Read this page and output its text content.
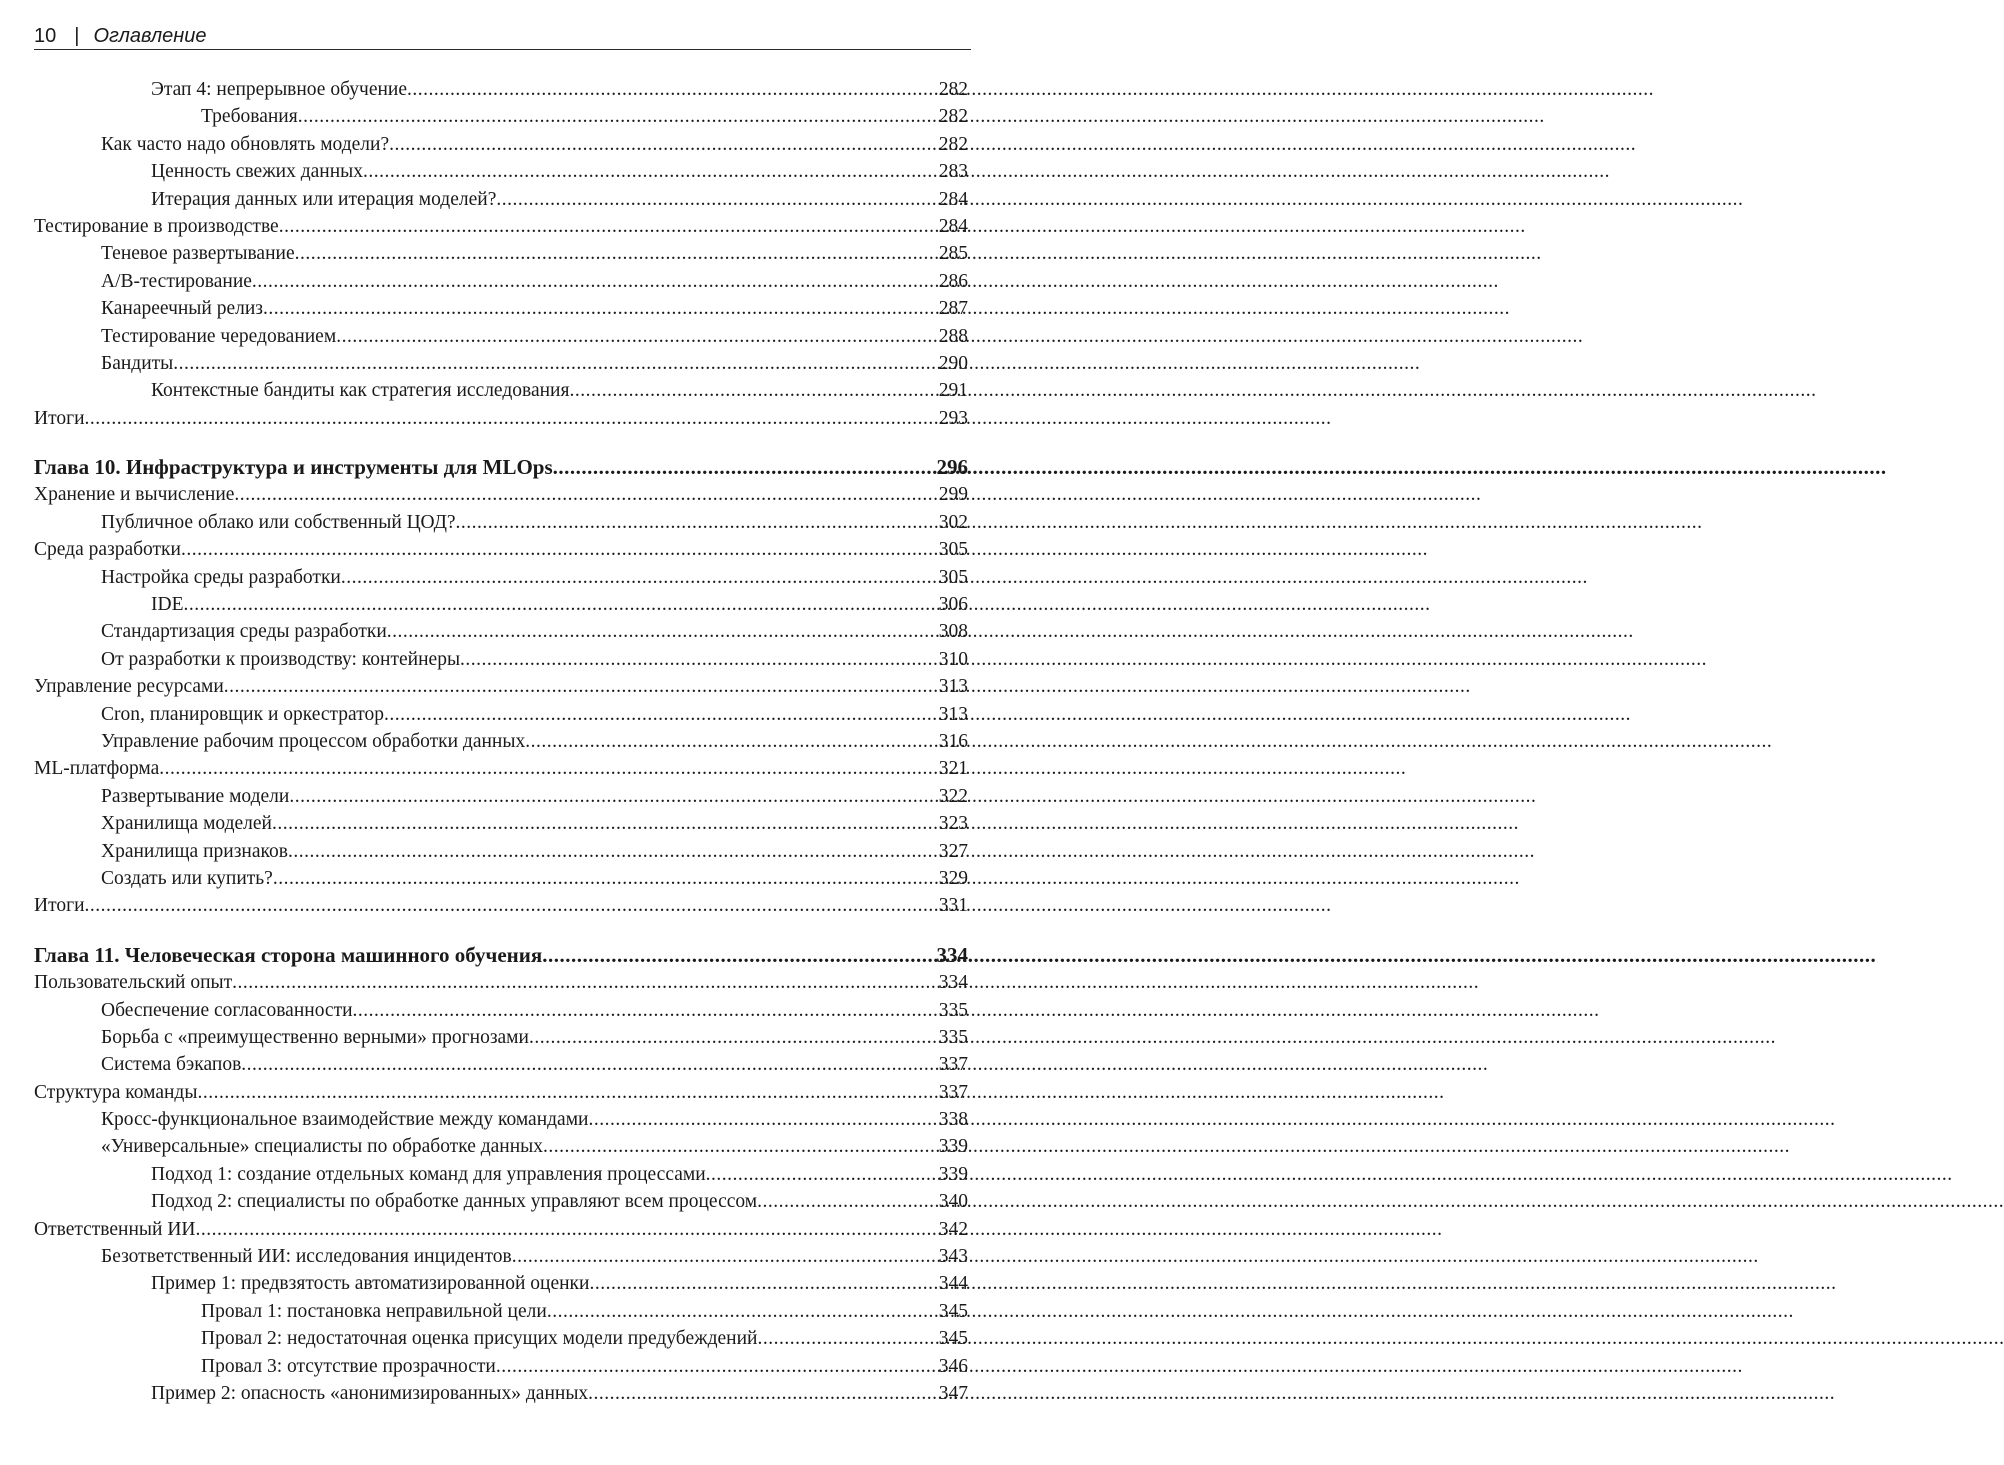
10 | Оглавление
Этап 4: непрерывное обучение .....	282
Требования .....	282
Как часто надо обновлять модели? .....	282
Ценность свежих данных .....	283
Итерация данных или итерация моделей? .....	284
Тестирование в производстве .....	284
Теневое развертывание .....	285
A/B-тестирование .....	286
Канареечный релиз .....	287
Тестирование чередованием .....	288
Бандиты .....	290
Контекстные бандиты как стратегия исследования .....	291
Итоги .....	293
Глава 10. Инфраструктура и инструменты для MLOps .....	296
Хранение и вычисление .....	299
Публичное облако или собственный ЦОД? .....	302
Среда разработки .....	305
Настройка среды разработки .....	305
IDE .....	306
Стандартизация среды разработки .....	308
От разработки к производству: контейнеры .....	310
Управление ресурсами .....	313
Cron, планировщик и оркестратор .....	313
Управление рабочим процессом обработки данных .....	316
ML-платформа .....	321
Развертывание модели .....	322
Хранилища моделей .....	323
Хранилища признаков .....	327
Создать или купить? .....	329
Итоги .....	331
Глава 11. Человеческая сторона машинного обучения .....	334
Пользовательский опыт .....	334
Обеспечение согласованности .....	335
Борьба с «преимущественно верными» прогнозами .....	335
Система бэкапов .....	337
Структура команды .....	337
Кросс-функциональное взаимодействие между командами .....	338
«Универсальные» специалисты по обработке данных .....	339
Подход 1: создание отдельных команд для управления процессами .....	339
Подход 2: специалисты по обработке данных управляют всем процессом .....	340
Ответственный ИИ .....	342
Безответственный ИИ: исследования инцидентов .....	343
Пример 1: предвзятость автоматизированной оценки .....	344
Провал 1: постановка неправильной цели .....	345
Провал 2: недостаточная оценка присущих модели предубеждений .....	345
Провал 3: отсутствие прозрачности .....	346
Пример 2: опасность «анонимизированных» данных .....	347
